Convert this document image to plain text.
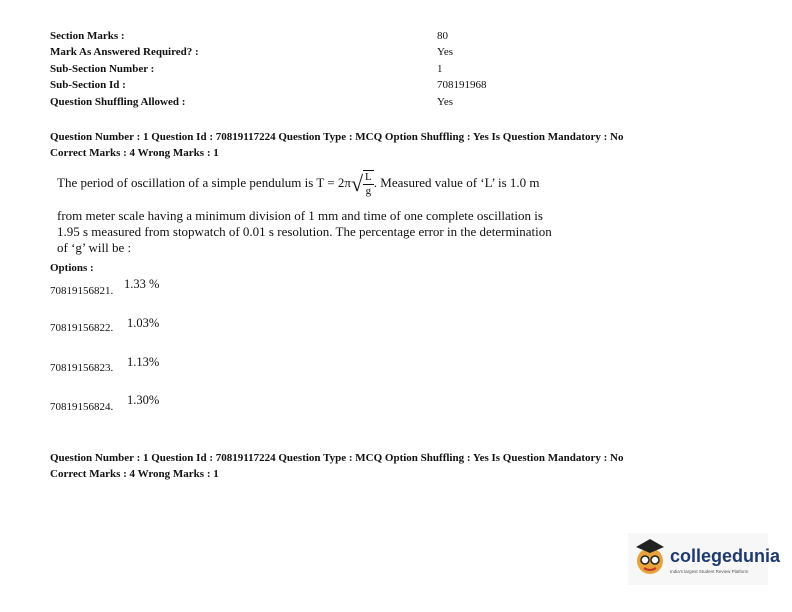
Section Marks :	80
Mark As Answered Required? :	Yes
Sub-Section Number :	1
Sub-Section Id :	708191968
Question Shuffling Allowed :	Yes
Question Number : 1 Question Id : 70819117224 Question Type : MCQ Option Shuffling : Yes Is Question Mandatory : No
Correct Marks : 4 Wrong Marks : 1
The period of oscillation of a simple pendulum is $T = 2\pi√ \frac{L}{g}$ . Measured value of ‘L’ is 1.0 m
from meter scale having a minimum division of 1 mm and time of one complete oscillation is
1.95 s measured from stopwatch of 0.01 s resolution. The percentage error in the determination
of ‘g’ will be :
Options :
70819156821. 1.33 %
70819156822. 1.03%
70819156823. 1.13%
70819156824. 1.30%
Question Number : 1 Question Id : 70819117224 Question Type : MCQ Option Shuffling : Yes Is Question Mandatory : No
Correct Marks : 4 Wrong Marks : 1
collegedunia
India's largest Student Review Platform
